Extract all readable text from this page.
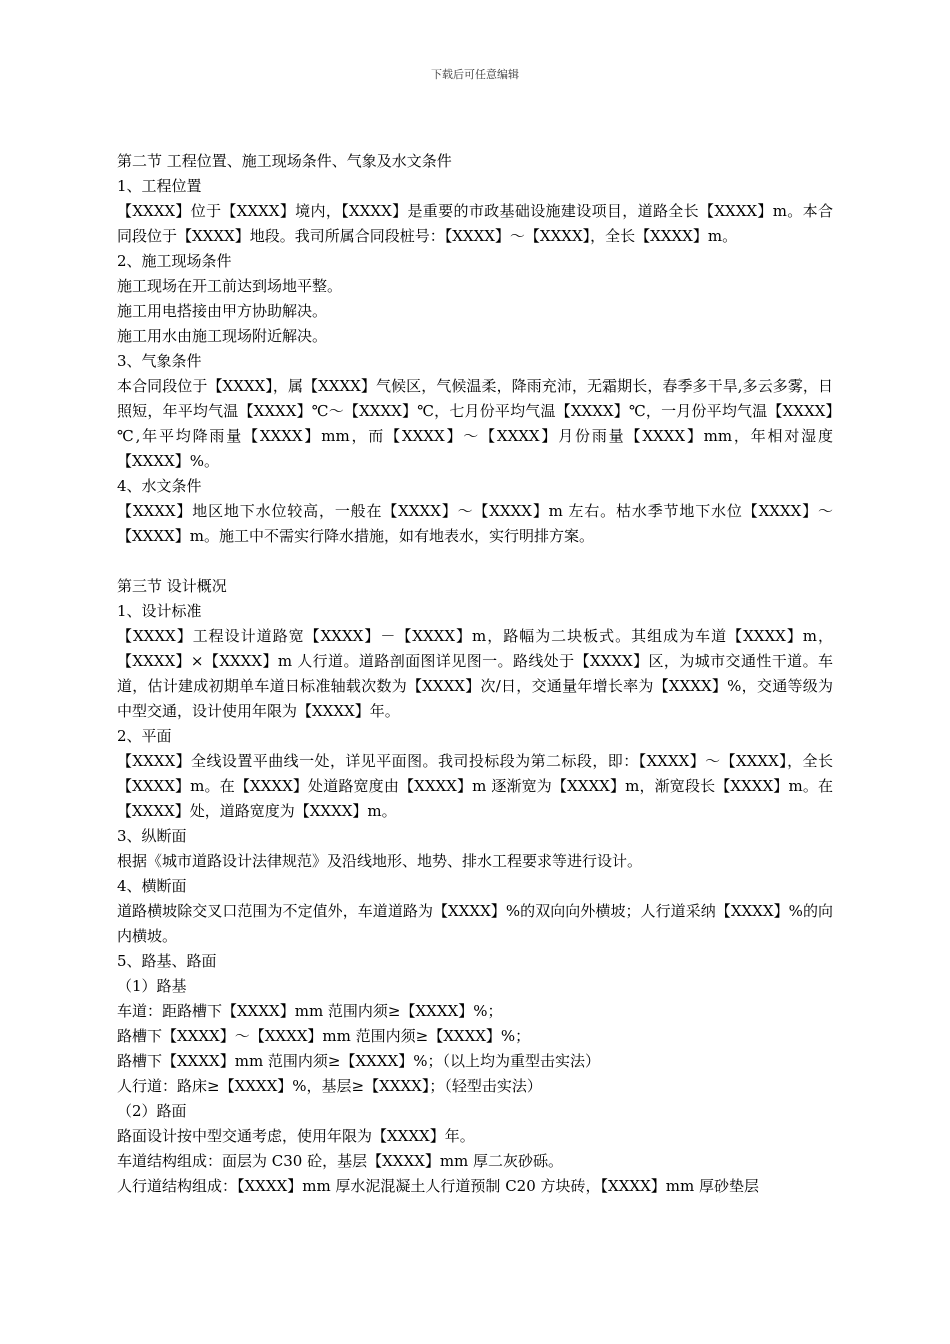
下载后可任意编辑

第二节 工程位置、施工现场条件、气象及水文条件

1、工程位置

【XXXX】位于【XXXX】境内，【XXXX】是重要的市政基础设施建设项目，道路全长【XXXX】m。本合同段位于【XXXX】地段。我司所属合同段桩号：【XXXX】～【XXXX】，全长【XXXX】m。

2、施工现场条件

施工现场在开工前达到场地平整。

施工用电搭接由甲方协助解决。

施工用水由施工现场附近解决。

3、气象条件

本合同段位于【XXXX】，属【XXXX】气候区，气候温柔，降雨充沛，无霜期长，春季多干旱,多云多雾，日照短，年平均气温【XXXX】℃～【XXXX】℃，七月份平均气温【XXXX】℃，一月份平均气温【XXXX】℃,年平均降雨量【XXXX】mm，而【XXXX】～【XXXX】月份雨量【XXXX】mm，年相对湿度【XXXX】%。

4、水文条件

【XXXX】地区地下水位较高，一般在【XXXX】～【XXXX】m 左右。枯水季节地下水位【XXXX】～【XXXX】m。施工中不需实行降水措施，如有地表水，实行明排方案。

第三节 设计概况

1、设计标准

【XXXX】工程设计道路宽【XXXX】－【XXXX】m，路幅为二块板式。其组成为车道【XXXX】m，【XXXX】×【XXXX】m 人行道。道路剖面图详见图一。路线处于【XXXX】区，为城市交通性干道。车道，估计建成初期单车道日标准轴载次数为【XXXX】次/日，交通量年增长率为【XXXX】%，交通等级为中型交通，设计使用年限为【XXXX】年。

2、平面

【XXXX】全线设置平曲线一处，详见平面图。我司投标段为第二标段，即：【XXXX】～【XXXX】，全长【XXXX】m。在【XXXX】处道路宽度由【XXXX】m 逐渐宽为【XXXX】m，渐宽段长【XXXX】m。在【XXXX】处，道路宽度为【XXXX】m。

3、纵断面

根据《城市道路设计法律规范》及沿线地形、地势、排水工程要求等进行设计。

4、横断面

道路横坡除交叉口范围为不定值外，车道道路为【XXXX】%的双向向外横坡；人行道采纳【XXXX】%的向内横坡。

5、路基、路面

（1）路基

车道：距路槽下【XXXX】mm 范围内须≥【XXXX】%；

路槽下【XXXX】～【XXXX】mm 范围内须≥【XXXX】%；

路槽下【XXXX】mm 范围内须≥【XXXX】%；（以上均为重型击实法）

人行道：路床≥【XXXX】%，基层≥【XXXX】；（轻型击实法）

（2）路面

路面设计按中型交通考虑，使用年限为【XXXX】年。

车道结构组成：面层为 C30 砼，基层【XXXX】mm 厚二灰砂砾。

人行道结构组成：【XXXX】mm 厚水泥混凝土人行道预制 C20 方块砖，【XXXX】mm 厚砂垫层
